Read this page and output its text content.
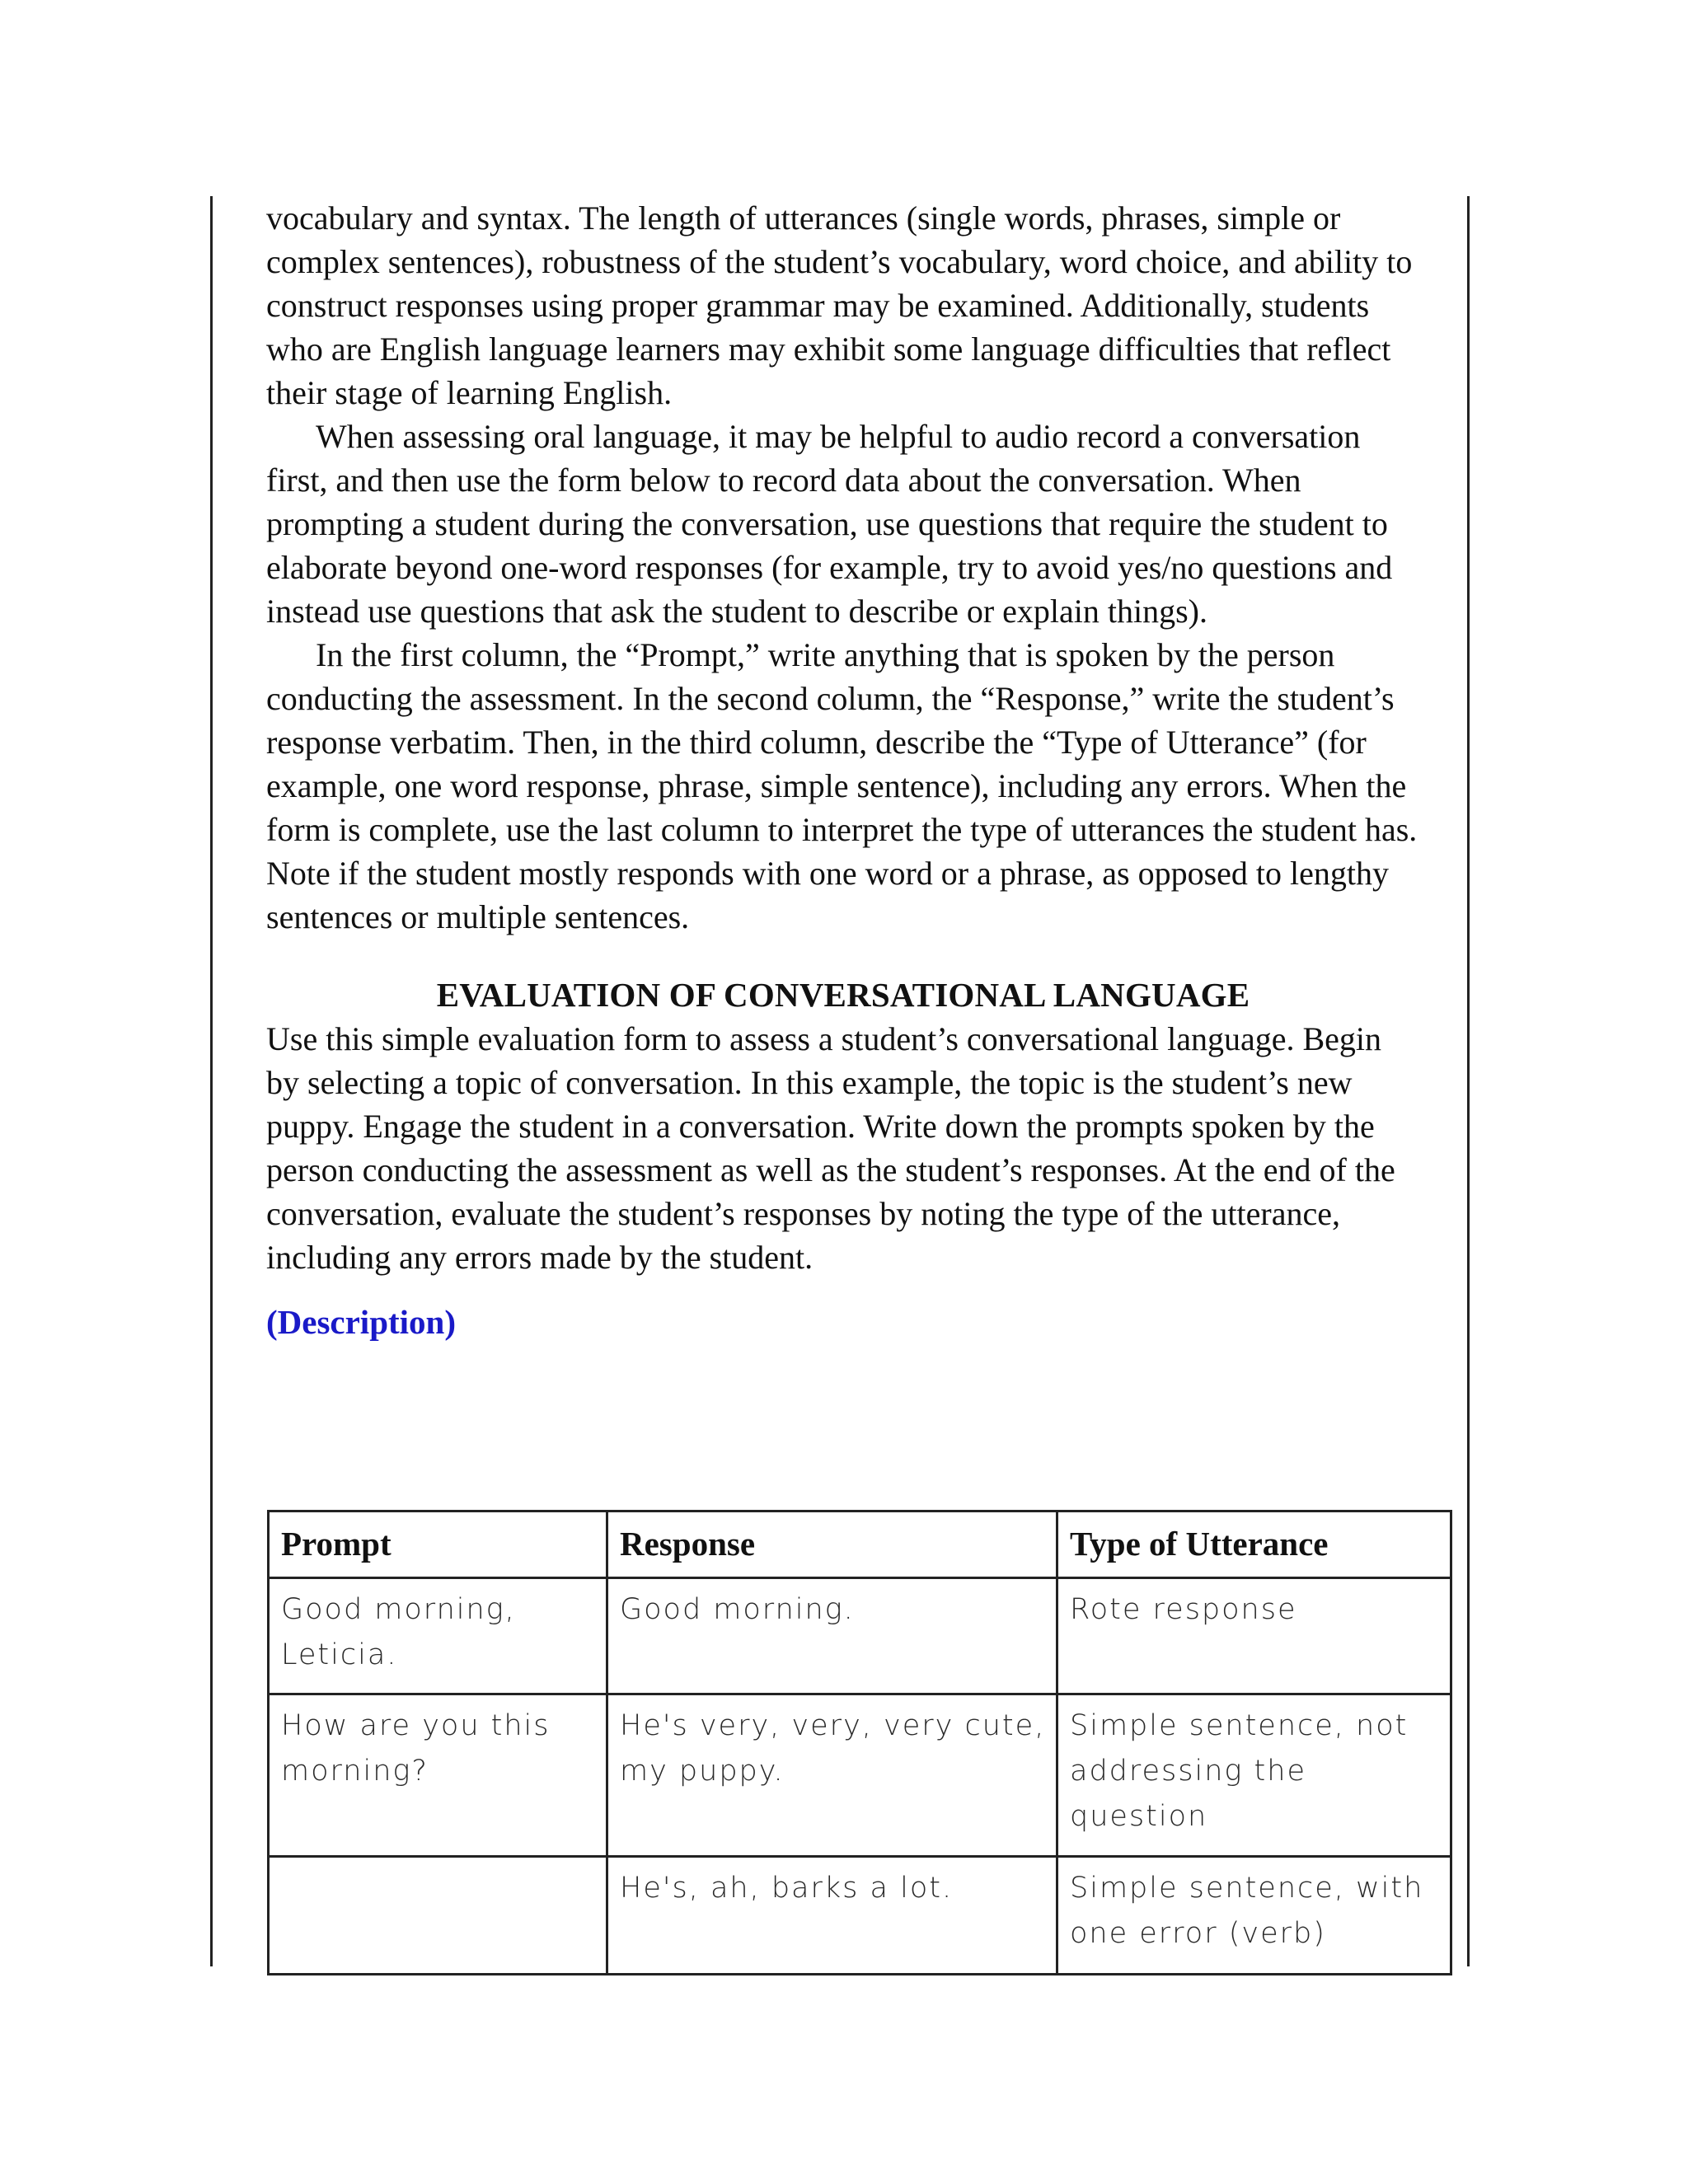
vocabulary and syntax. The length of utterances (single words, phrases, simple or complex sentences), robustness of the student’s vocabulary, word choice, and ability to construct responses using proper grammar may be examined. Additionally, students who are English language learners may exhibit some language difficulties that reflect their stage of learning English.

When assessing oral language, it may be helpful to audio record a conversation first, and then use the form below to record data about the conversation. When prompting a student during the conversation, use questions that require the student to elaborate beyond one-word responses (for example, try to avoid yes/no questions and instead use questions that ask the student to describe or explain things).

In the first column, the “Prompt,” write anything that is spoken by the person conducting the assessment. In the second column, the “Response,” write the student’s response verbatim. Then, in the third column, describe the “Type of Utterance” (for example, one word response, phrase, simple sentence), including any errors. When the form is complete, use the last column to interpret the type of utterances the student has. Note if the student mostly responds with one word or a phrase, as opposed to lengthy sentences or multiple sentences.

EVALUATION OF CONVERSATIONAL LANGUAGE

Use this simple evaluation form to assess a student’s conversational language. Begin by selecting a topic of conversation. In this example, the topic is the student’s new puppy. Engage the student in a conversation. Write down the prompts spoken by the person conducting the assessment as well as the student’s responses. At the end of the conversation, evaluate the student’s responses by noting the type of the utterance, including any errors made by the student.

(Description)

Prompt	Response	Type of Utterance
Good morning, Leticia.	Good morning.	Rote response
How are you this morning?	He's very, very, very cute, my puppy.	Simple sentence, not addressing the question
	He's, ah, barks a lot.	Simple sentence, with one error (verb)
